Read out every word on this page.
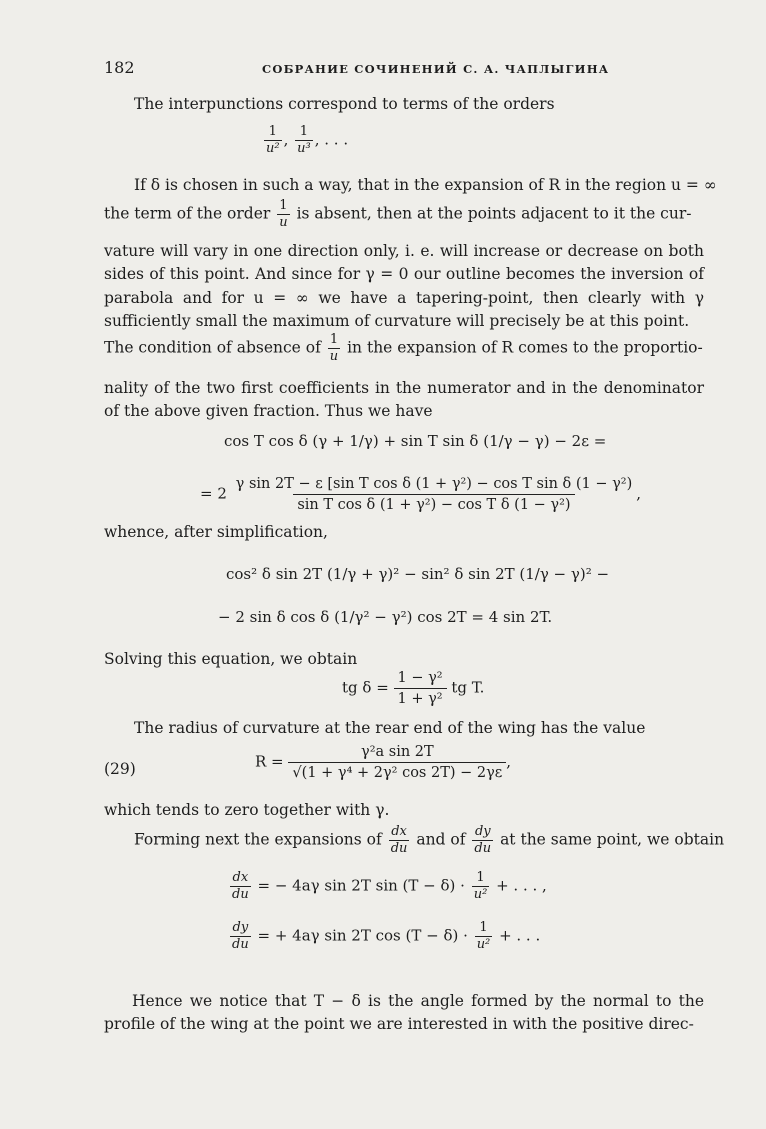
182	СОБРАНИЕ СОЧИНЕНИЙ С. А. ЧАПЛЫГИНА
The interpunctions correspond to terms of the orders
$\frac{1}{\text{u²}}$ , $\frac{1}{\text{u³}}$ , . . .
If δ is chosen in such a way, that in the expansion of R in the region u = ∞
the term of the order $\frac{1}{u}$ is absent, then at the points adjacent to it the cur-
vature will vary in one direction only, i. e. will increase or decrease on both sides of this point. And since for γ = 0 our outline becomes the inversion of parabola and for u = ∞ we have a tapering-point, then clearly with γ sufficiently small the maximum of curvature will precisely be at this point.
The condition of absence of $\frac{1}{u}$ in the expansion of R comes to the proportio-
nality of the two first coefficients in the numerator and in the denominator of the above given fraction. Thus we have
cos T cos δ (γ + 1/γ) + sin T sin δ (1/γ − γ) − 2ε =
= $2 \frac{\text{γ sin 2T − ε [sin T cos δ (1 + γ²) − cos T sin δ (1 − γ²)}}{\text{sin T cos δ (1 + γ²) − cos T δ (1 − γ²)}}$ ,
whence, after simplification,
cos² δ sin 2T (1/γ + γ)² − sin² δ sin 2T (1/γ − γ)² −
− 2 sin δ cos δ (1/γ² − γ²) cos 2T = 4 sin 2T.
Solving this equation, we obtain
tg $\delta = \frac{\text{1 − γ²}}{\text{1 + γ²}}$ tg T.
The radius of curvature at the rear end of the wing has the value
(29)	$R = \frac{\text{γ²a sin 2T}}{\text{√(1 + γ⁴ + 2γ² cos 2T) − 2γε}}$ ,
which tends to zero together with γ.
Forming next the expansions of $\frac{dx}{du}$ and of $\frac{dy}{du}$ at the same point, we obtain
$\frac{dx}{du}$ = − 4aγ sin 2T $\sin (T - \delta) \cdot \frac{1}{\text{u²}}$ + . . . ,
$\frac{dy}{du}$ = + 4aγ sin 2T $\cos (T - \delta) \cdot \frac{1}{\text{u²}}$ + . . .
Hence we notice that T − δ is the angle formed by the normal to the profile of the wing at the point we are interested in with the positive direc-
